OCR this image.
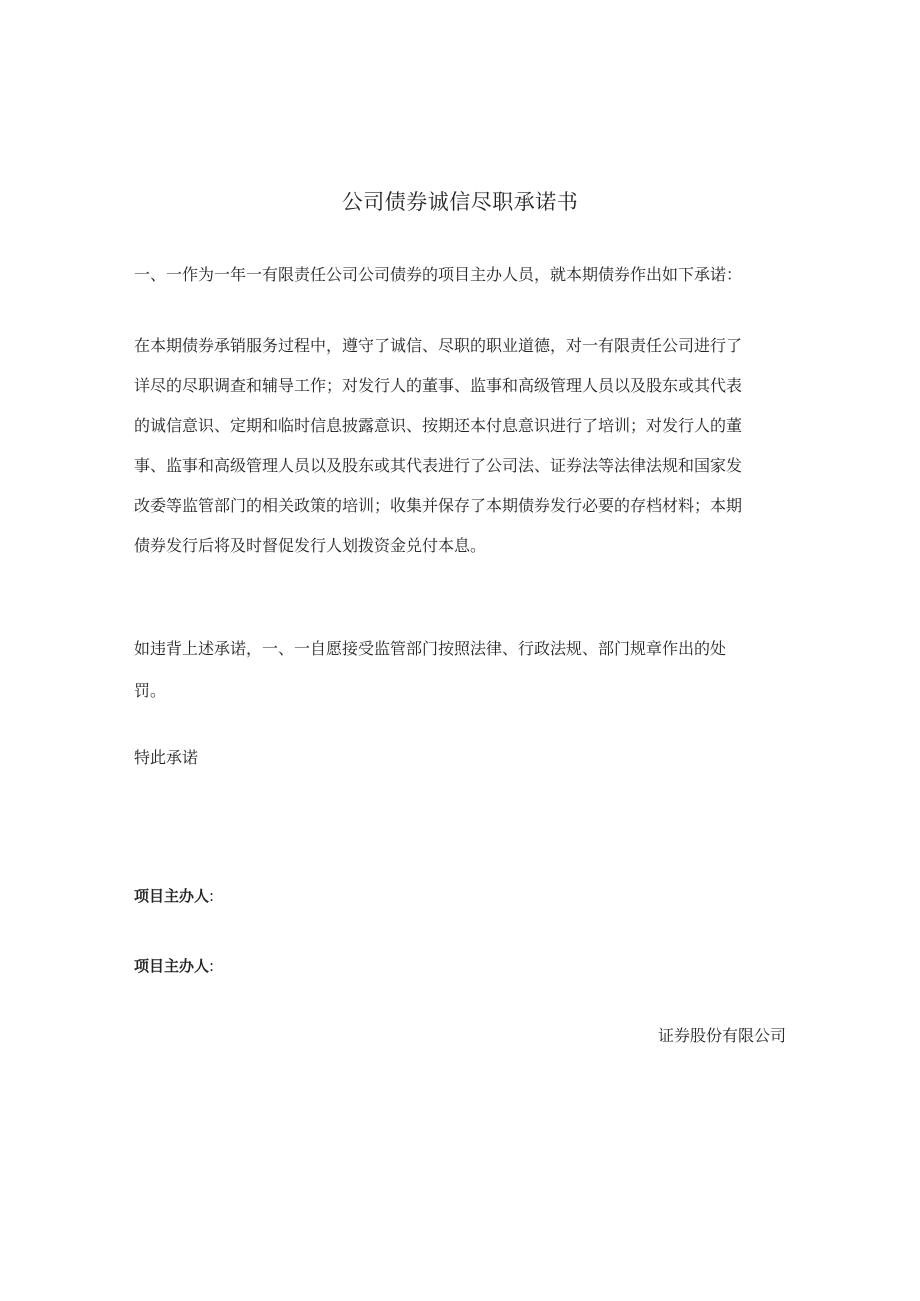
公司债券诚信尽职承诺书
一、一作为一年一有限责任公司公司债券的项目主办人员，就本期债券作出如下承诺：
在本期债券承销服务过程中，遵守了诚信、尽职的职业道德，对一有限责任公司进行了
详尽的尽职调查和辅导工作；对发行人的董事、监事和高级管理人员以及股东或其代表
的诚信意识、定期和临时信息披露意识、按期还本付息意识进行了培训；对发行人的董
事、监事和高级管理人员以及股东或其代表进行了公司法、证券法等法律法规和国家发
改委等监管部门的相关政策的培训；收集并保存了本期债券发行必要的存档材料；本期
债券发行后将及时督促发行人划拨资金兑付本息。
如违背上述承诺，一、一自愿接受监管部门按照法律、行政法规、部门规章作出的处
罚。
特此承诺
项目主办人:
项目主办人:
证券股份有限公司
